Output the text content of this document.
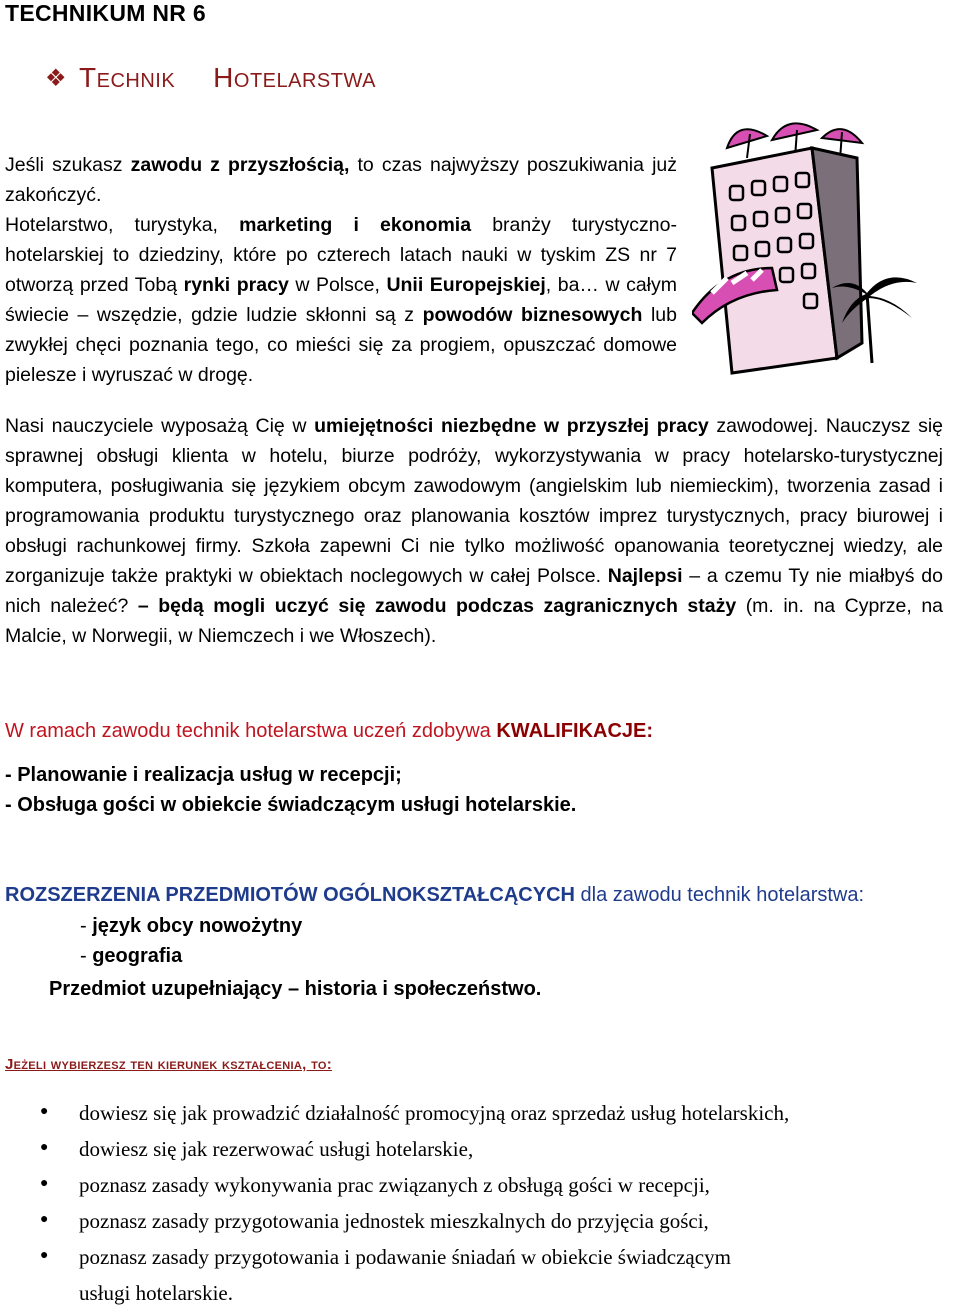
TECHNIKUM NR 6
❖ Technik Hotelarstwa

Jeśli szukasz zawodu z przyszłością, to czas najwyższy poszukiwania już zakończyć.

Hotelarstwo, turystyka, marketing i ekonomia branży turystyczno-hotelarskiej to dziedziny, które po czterech latach nauki w tyskim ZS nr 7 otworzą przed Tobą rynki pracy w Polsce, Unii Europejskiej, ba… w całym świecie – wszędzie, gdzie ludzie skłonni są z powodów biznesowych lub zwykłej chęci poznania tego, co mieści się za progiem, opuszczać domowe pielesze i wyruszać w drogę.

Nasi nauczyciele wyposażą Cię w umiejętności niezbędne w przyszłej pracy zawodowej. Nauczysz się sprawnej obsługi klienta w hotelu, biurze podróży, wykorzystywania w pracy hotelarsko-turystycznej komputera, posługiwania się językiem obcym zawodowym (angielskim lub niemieckim), tworzenia zasad i programowania produktu turystycznego oraz planowania kosztów imprez turystycznych, pracy biurowej i obsługi rachunkowej firmy. Szkoła zapewni Ci nie tylko możliwość opanowania teoretycznej wiedzy, ale zorganizuje także praktyki w obiektach noclegowych w całej Polsce. Najlepsi – a czemu Ty nie miałbyś do nich należeć? – będą mogli uczyć się zawodu podczas zagranicznych staży (m. in. na Cyprze, na Malcie, w Norwegii, w Niemczech i we Włoszech).

W ramach zawodu technik hotelarstwa uczeń zdobywa KWALIFIKACJE:
- Planowanie i realizacja usług w recepcji;
- Obsługa gości w obiekcie świadczącym usługi hotelarskie.
ROZSZERZENIA PRZEDMIOTÓW OGÓLNOKSZTAŁCĄCYCH dla zawodu technik hotelarstwa:
- język obcy nowożytny
- geografia
Przedmiot uzupełniający – historia i społeczeństwo.
Jeżeli wybierzesz ten kierunek kształcenia, to:
●	dowiesz się jak prowadzić działalność promocyjną oraz sprzedaż usług hotelarskich,
●	dowiesz się jak rezerwować usługi hotelarskie,
●	poznasz zasady wykonywania prac związanych z obsługą gości w recepcji,
●	poznasz zasady przygotowania jednostek mieszkalnych do przyjęcia gości,
●	poznasz zasady przygotowania i podawanie śniadań w obiekcie świadczącym
usługi hotelarskie.
